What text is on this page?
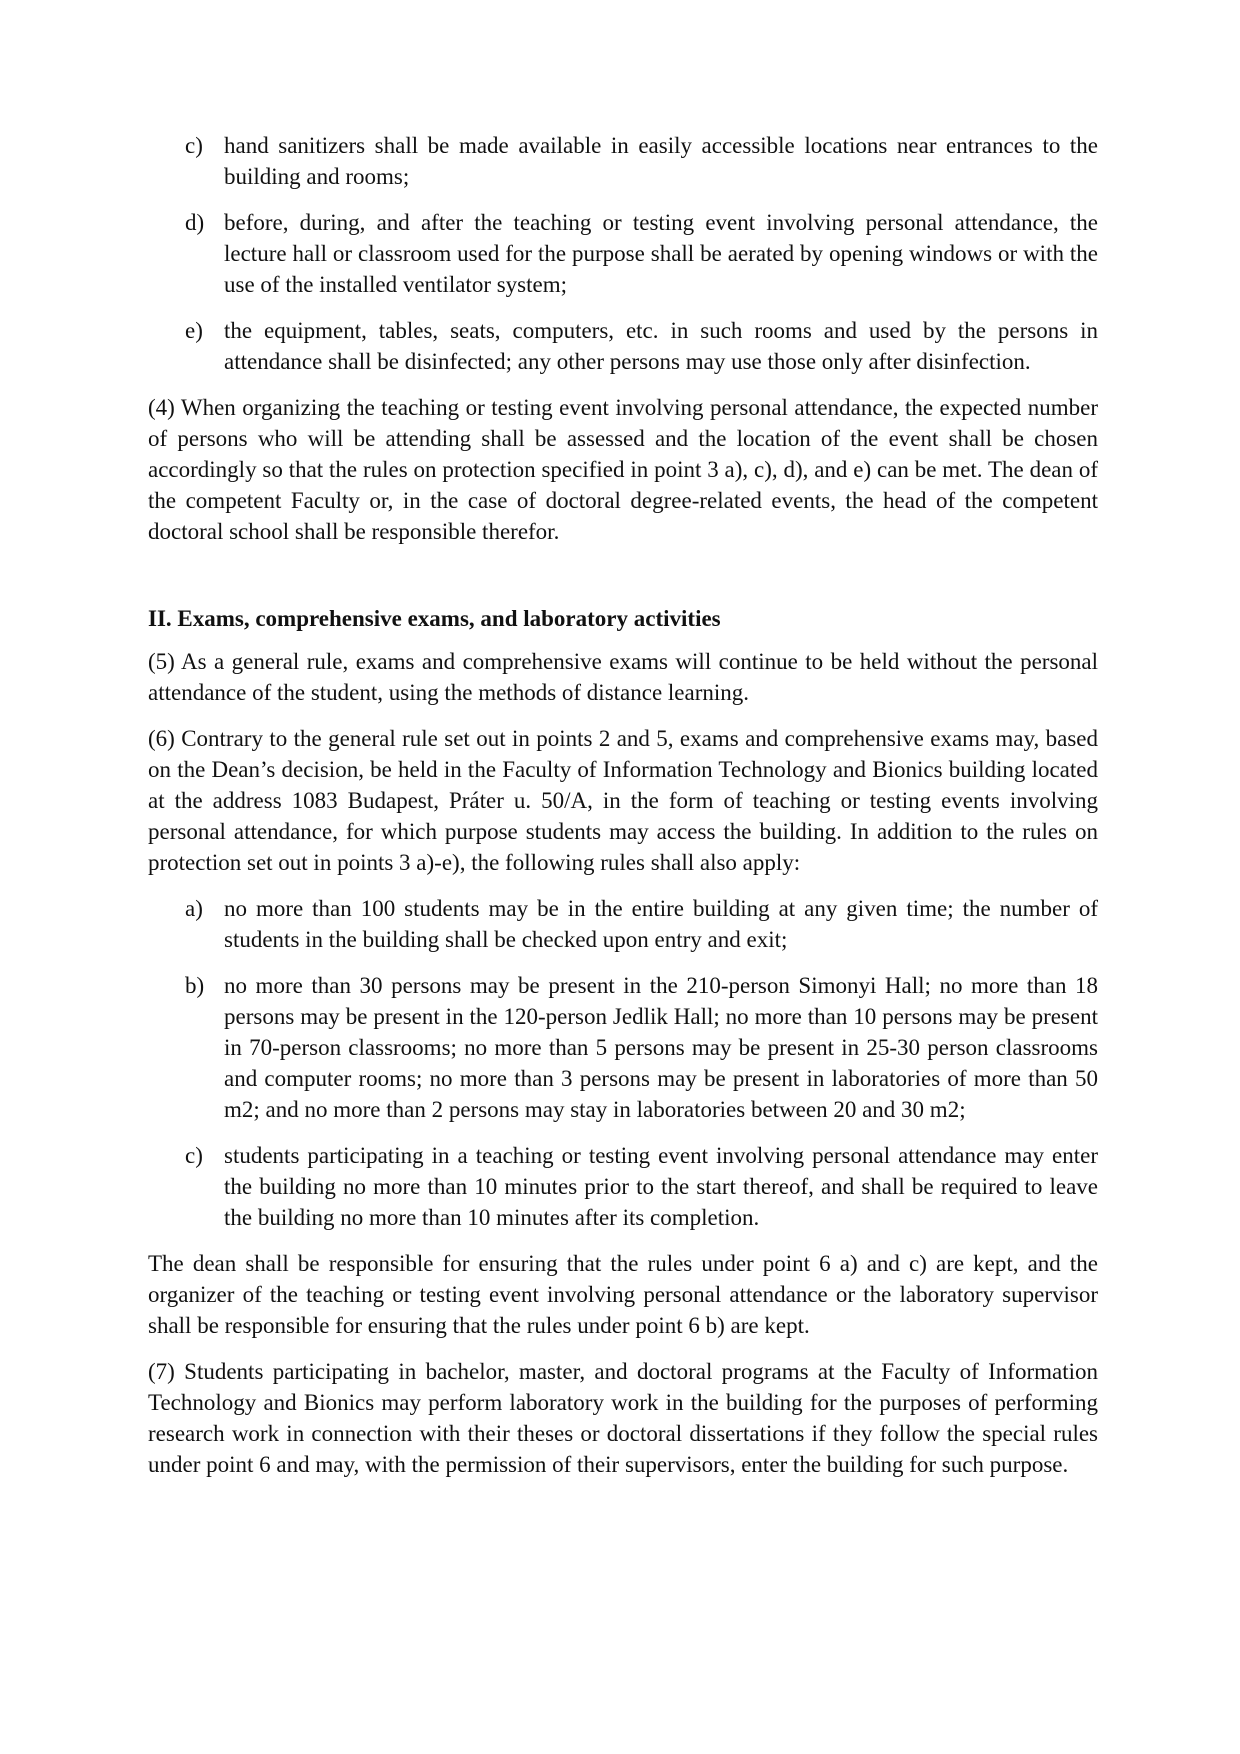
c) hand sanitizers shall be made available in easily accessible locations near entrances to the building and rooms;
d) before, during, and after the teaching or testing event involving personal attendance, the lecture hall or classroom used for the purpose shall be aerated by opening windows or with the use of the installed ventilator system;
e) the equipment, tables, seats, computers, etc. in such rooms and used by the persons in attendance shall be disinfected; any other persons may use those only after disinfection.

(4) When organizing the teaching or testing event involving personal attendance, the expected number of persons who will be attending shall be assessed and the location of the event shall be chosen accordingly so that the rules on protection specified in point 3 a), c), d), and e) can be met. The dean of the competent Faculty or, in the case of doctoral degree-related events, the head of the competent doctoral school shall be responsible therefor.

II. Exams, comprehensive exams, and laboratory activities

(5) As a general rule, exams and comprehensive exams will continue to be held without the personal attendance of the student, using the methods of distance learning.

(6) Contrary to the general rule set out in points 2 and 5, exams and comprehensive exams may, based on the Dean’s decision, be held in the Faculty of Information Technology and Bionics building located at the address 1083 Budapest, Práter u. 50/A, in the form of teaching or testing events involving personal attendance, for which purpose students may access the building. In addition to the rules on protection set out in points 3 a)-e), the following rules shall also apply:

a) no more than 100 students may be in the entire building at any given time; the number of students in the building shall be checked upon entry and exit;
b) no more than 30 persons may be present in the 210-person Simonyi Hall; no more than 18 persons may be present in the 120-person Jedlik Hall; no more than 10 persons may be present in 70-person classrooms; no more than 5 persons may be present in 25-30 person classrooms and computer rooms; no more than 3 persons may be present in laboratories of more than 50 m2; and no more than 2 persons may stay in laboratories between 20 and 30 m2;
c) students participating in a teaching or testing event involving personal attendance may enter the building no more than 10 minutes prior to the start thereof, and shall be required to leave the building no more than 10 minutes after its completion.

The dean shall be responsible for ensuring that the rules under point 6 a) and c) are kept, and the organizer of the teaching or testing event involving personal attendance or the laboratory supervisor shall be responsible for ensuring that the rules under point 6 b) are kept.

(7) Students participating in bachelor, master, and doctoral programs at the Faculty of Information Technology and Bionics may perform laboratory work in the building for the purposes of performing research work in connection with their theses or doctoral dissertations if they follow the special rules under point 6 and may, with the permission of their supervisors, enter the building for such purpose.
